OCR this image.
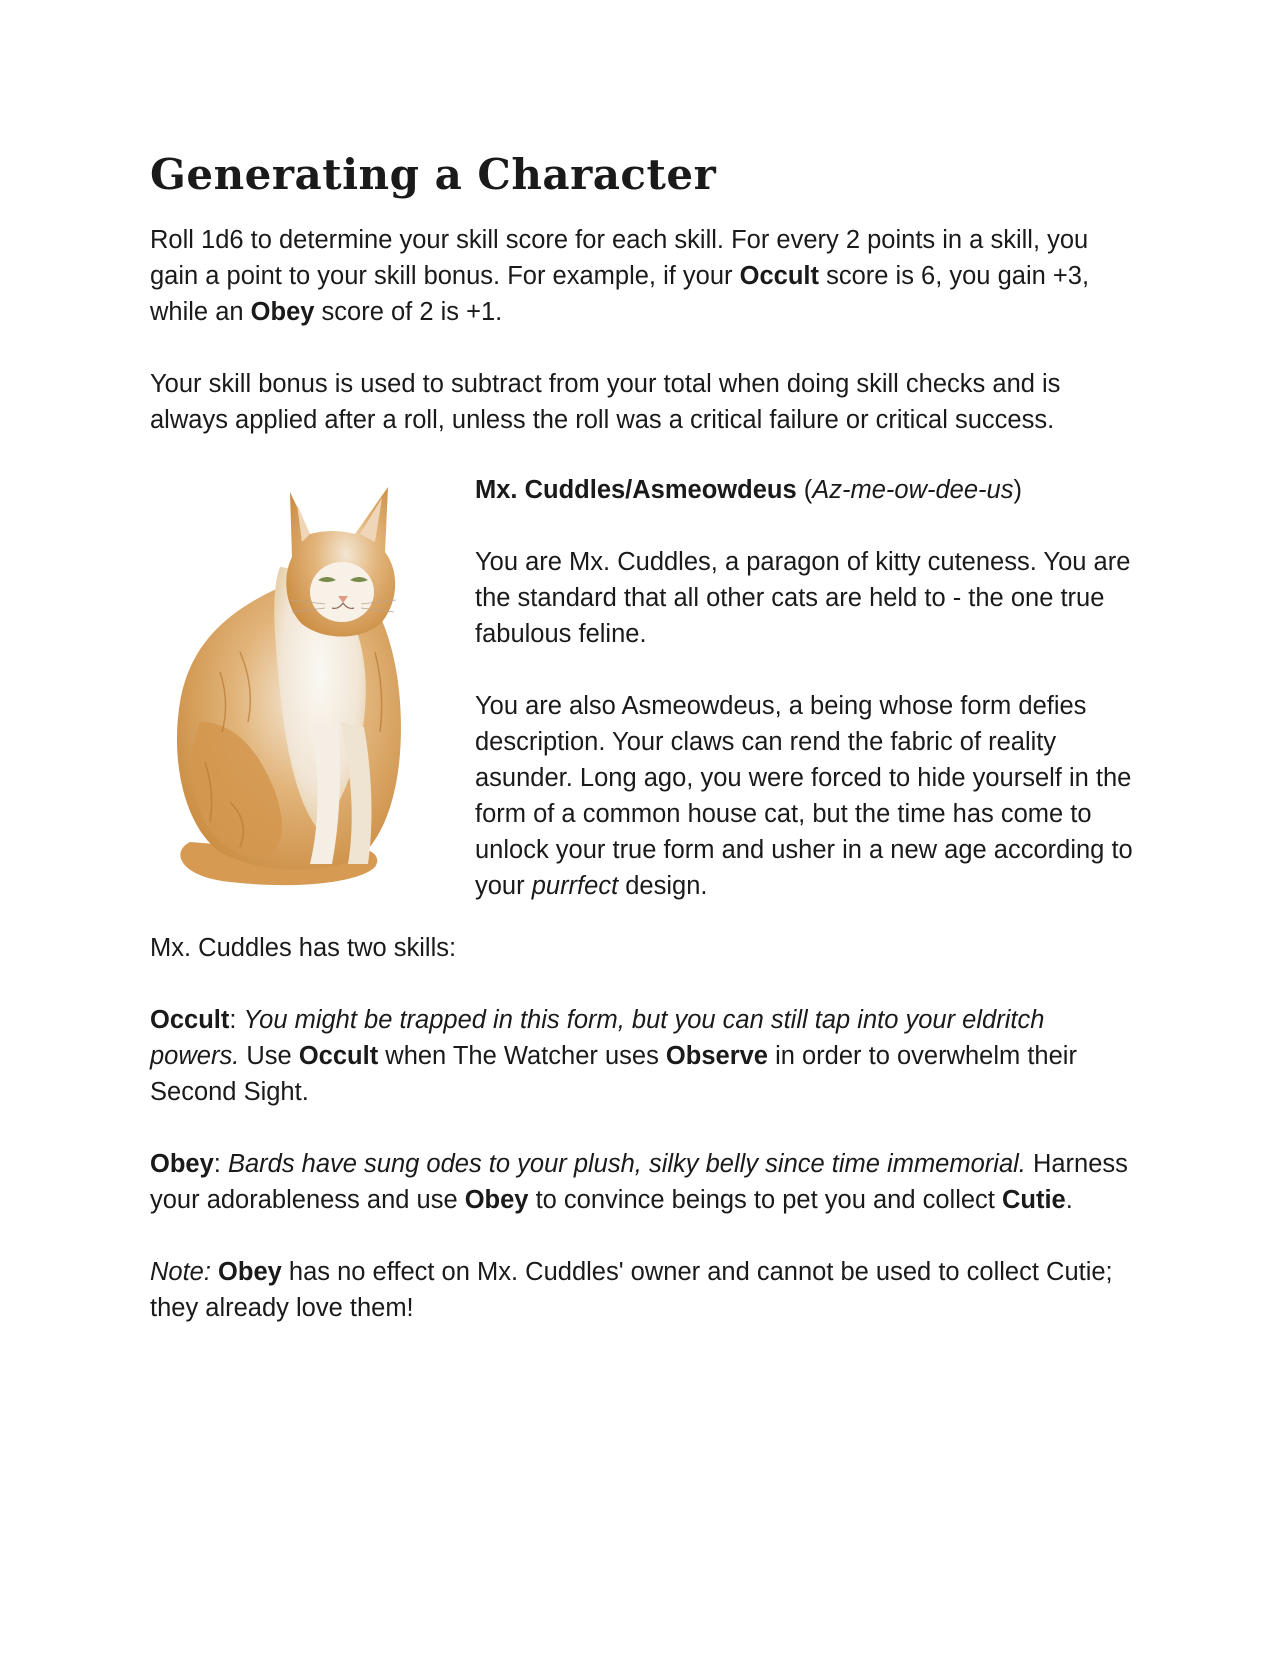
Generating a Character

Roll 1d6 to determine your skill score for each skill. For every 2 points in a skill, you gain a point to your skill bonus. For example, if your Occult score is 6, you gain +3, while an Obey score of 2 is +1.

Your skill bonus is used to subtract from your total when doing skill checks and is always applied after a roll, unless the roll was a critical failure or critical success.

Mx. Cuddles/Asmeowdeus (Az-me-ow-dee-us)

You are Mx. Cuddles, a paragon of kitty cuteness. You are the standard that all other cats are held to - the one true fabulous feline.

You are also Asmeowdeus, a being whose form defies description. Your claws can rend the fabric of reality asunder. Long ago, you were forced to hide yourself in the form of a common house cat, but the time has come to unlock your true form and usher in a new age according to your purrfect design.

Mx. Cuddles has two skills:

Occult: You might be trapped in this form, but you can still tap into your eldritch powers. Use Occult when The Watcher uses Observe in order to overwhelm their Second Sight.

Obey: Bards have sung odes to your plush, silky belly since time immemorial. Harness your adorableness and use Obey to convince beings to pet you and collect Cutie.

Note: Obey has no effect on Mx. Cuddles' owner and cannot be used to collect Cutie; they already love them!
